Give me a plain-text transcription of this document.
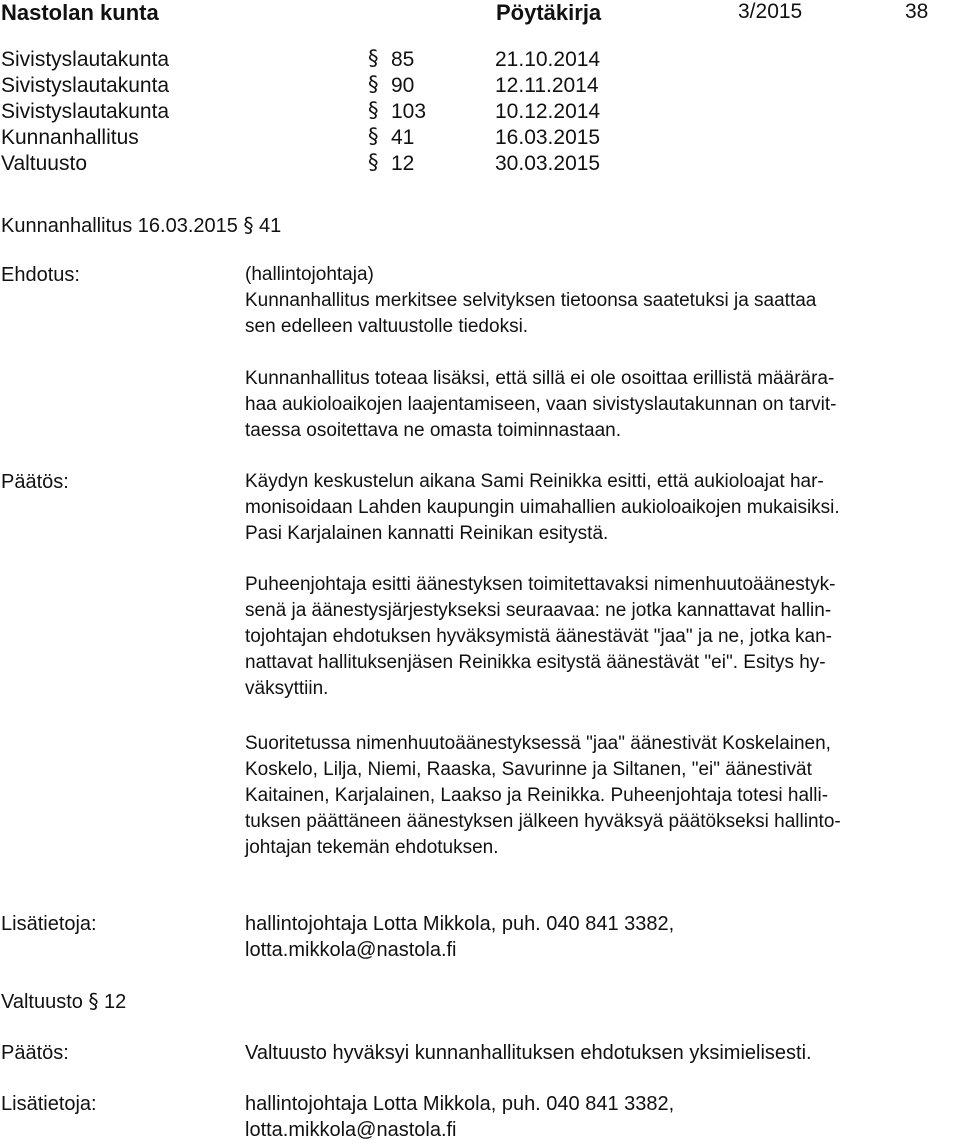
Nastolan kunta	Pöytäkirja	3/2015	38
Sivistyslautakunta	§ 85	21.10.2014
Sivistyslautakunta	§ 90	12.11.2014
Sivistyslautakunta	§ 103	10.12.2014
Kunnanhallitus	§ 41	16.03.2015
Valtuusto	§ 12	30.03.2015
Kunnanhallitus 16.03.2015 § 41
Ehdotus:	(hallintojohtaja)
Kunnanhallitus merkitsee selvityksen tietoonsa saatetuksi ja saattaa
sen edelleen valtuustolle tiedoksi.
Kunnanhallitus toteaa lisäksi, että sillä ei ole osoittaa erillistä määrära-
haa aukioloaikojen laajentamiseen, vaan sivistyslautakunnan on tarvit-
taessa osoitettava ne omasta toiminnastaan.
Päätös:	Käydyn keskustelun aikana Sami Reinikka esitti, että aukioloajat har-
monisoidaan Lahden kaupungin uimahallien aukioloaikojen mukaisiksi.
Pasi Karjalainen kannatti Reinikan esitystä.
Puheenjohtaja esitti äänestyksen toimitettavaksi nimenhuutoäänestyk-
senä ja äänestysjärjestykseksi seuraavaa: ne jotka kannattavat hallin-
tojohtajan ehdotuksen hyväksymistä äänestävät "jaa" ja ne, jotka kan-
nattavat hallituksenjäsen Reinikka esitystä äänestävät "ei". Esitys hy-
väksyttiin.
Suoritetussa nimenhuutoäänestyksessä "jaa" äänestivät Koskelainen,
Koskelo, Lilja, Niemi, Raaska, Savurinne ja Siltanen, "ei" äänestivät
Kaitainen, Karjalainen, Laakso ja Reinikka. Puheenjohtaja totesi halli-
tuksen päättäneen äänestyksen jälkeen hyväksyä päätökseksi hallinto-
johtajan tekemän ehdotuksen.
Lisätietoja:	hallintojohtaja Lotta Mikkola, puh. 040 841 3382,
lotta.mikkola@nastola.fi
Valtuusto § 12
Päätös:	Valtuusto hyväksyi kunnanhallituksen ehdotuksen yksimielisesti.
Lisätietoja:	hallintojohtaja Lotta Mikkola, puh. 040 841 3382,
lotta.mikkola@nastola.fi
